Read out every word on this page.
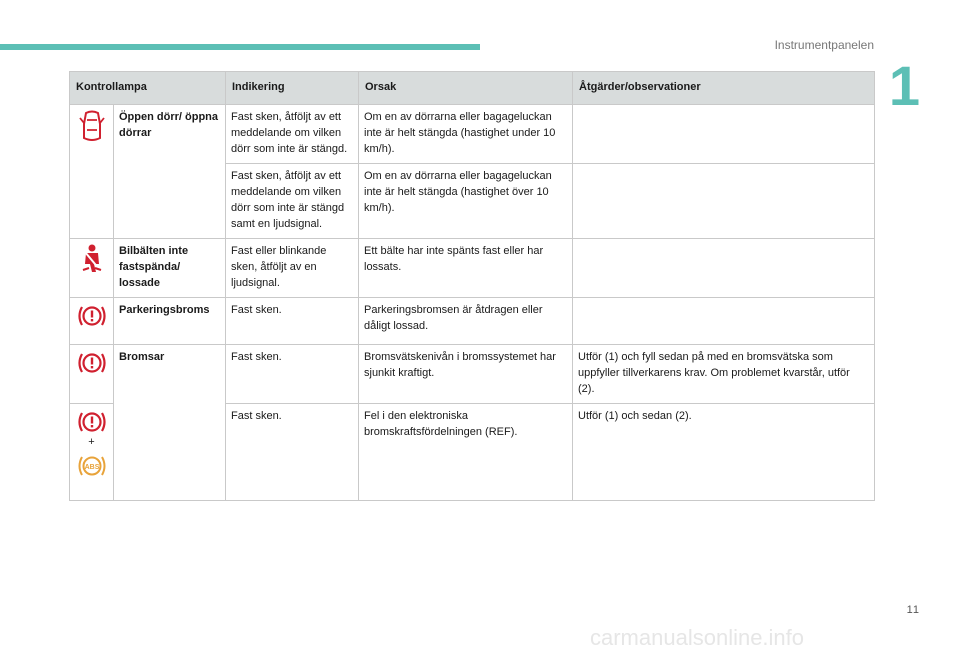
Instrumentpanelen
1
Kontrollampa		Indikering	Orsak	Åtgärder/observationer

	Öppen dörr/ öppna dörrar	Fast sken, åtföljt av ett meddelande om vilken dörr som inte är stängd.	Om en av dörrarna eller bagageluckan inte är helt stängda (hastighet under 10 km/h).	
		Fast sken, åtföljt av ett meddelande om vilken dörr som inte är stängd samt en ljudsignal.	Om en av dörrarna eller bagageluckan inte är helt stängda (hastighet över 10 km/h).	

	Bilbälten inte fastspända/ lossade	Fast eller blinkande sken, åtföljt av en ljudsignal.	Ett bälte har inte spänts fast eller har lossats.	

	Parkeringsbroms	Fast sken.	Parkeringsbromsen är åtdragen eller dåligt lossad.	

	Bromsar	Fast sken.	Bromsvätskenivån i bromssystemet har sjunkit kraftigt.	Utför (1) och fyll sedan på med en bromsvätska som uppfyller tillverkarens krav. Om problemet kvarstår, utför (2).

+
ABS		Fast sken.	Fel i den elektroniska bromskraftsfördelningen (REF).	Utför (1) och sedan (2).
11
carmanualsonline.info
